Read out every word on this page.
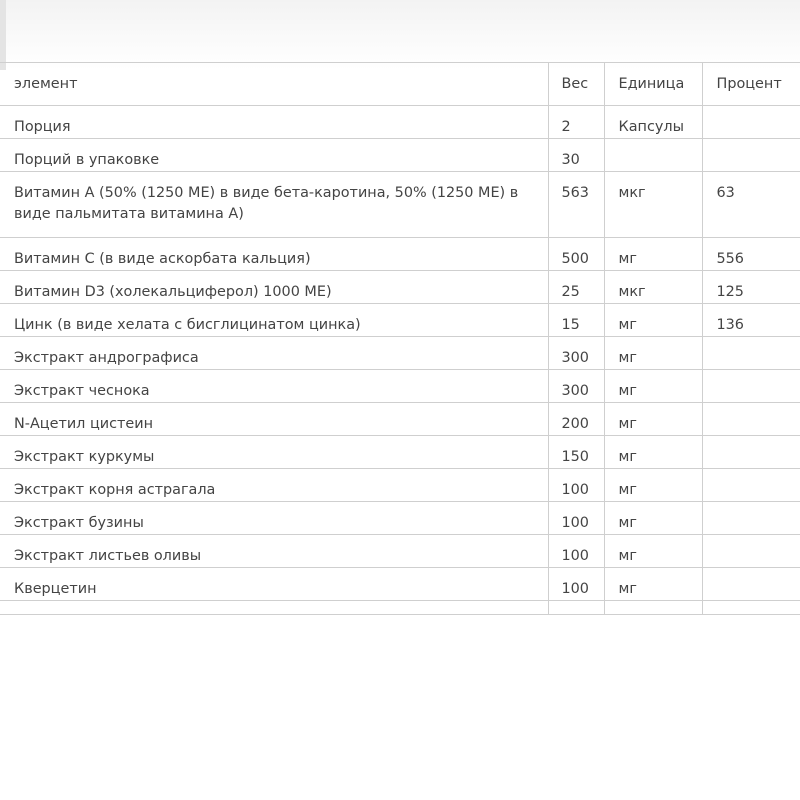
элемент	Вес	Единица	Процент
Порция	2	Капсулы	
Порций в упаковке	30		
Витамин А (50% (1250 МЕ) в виде бета-каротина, 50% (1250 МЕ) в виде пальмитата витамина А)	563	мкг	63
Витамин С (в виде аскорбата кальция)	500	мг	556
Витамин D3 (холекальциферол) 1000 МЕ)	25	мкг	125
Цинк (в виде хелата с бисглицинатом цинка)	15	мг	136
Экстракт андрографиса	300	мг	
Экстракт чеснока	300	мг	
N-Ацетил цистеин	200	мг	
Экстракт куркумы	150	мг	
Экстракт корня астрагала	100	мг	
Экстракт бузины	100	мг	
Экстракт листьев оливы	100	мг	
Кверцетин	100	мг	
